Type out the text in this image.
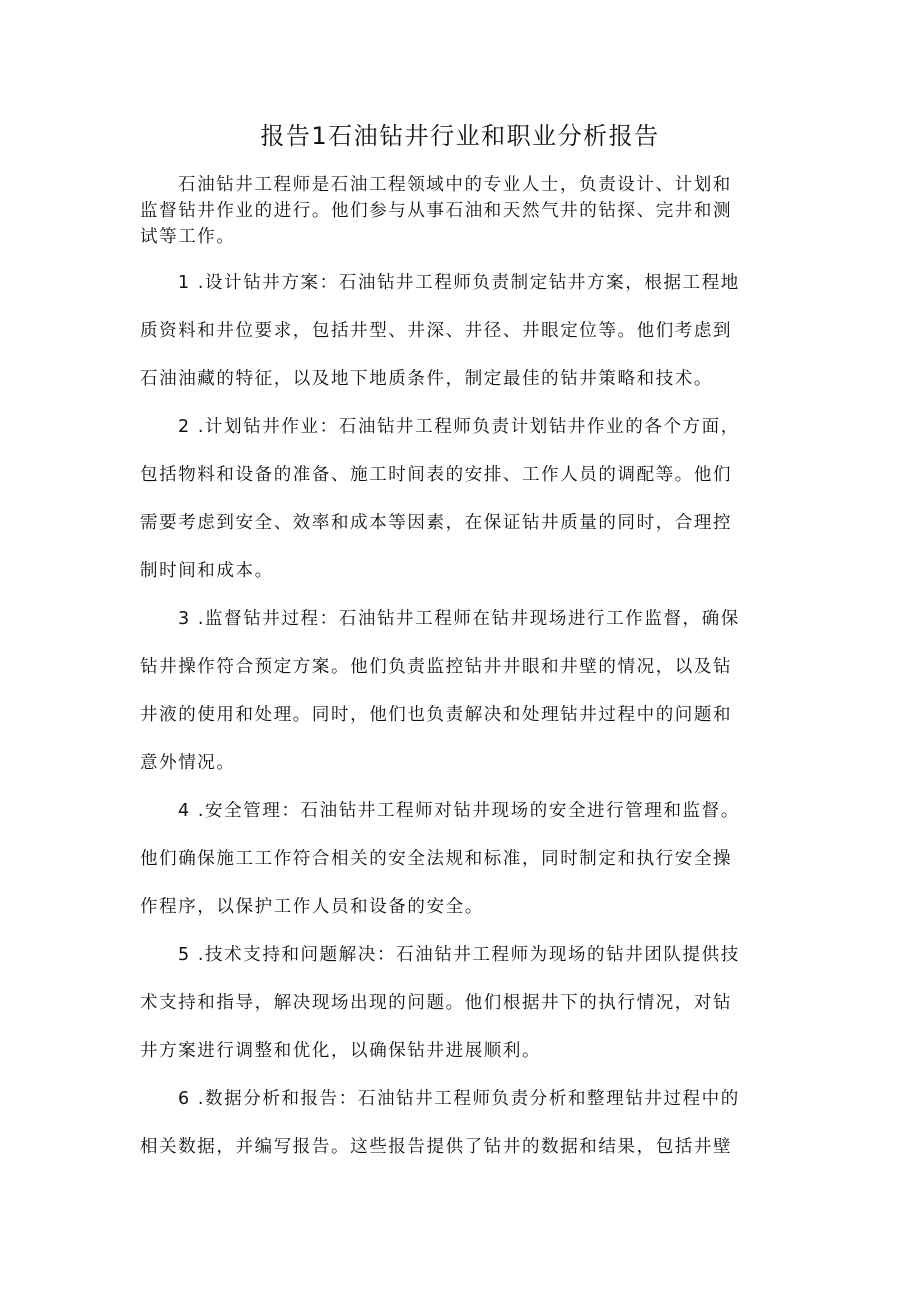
报告1石油钻井行业和职业分析报告
石油钻井工程师是石油工程领域中的专业人士，负责设计、计划和
监督钻井作业的进行。他们参与从事石油和天然气井的钻探、完井和测
试等工作。
1 .设计钻井方案：石油钻井工程师负责制定钻井方案，根据工程地
质资料和井位要求，包括井型、井深、井径、井眼定位等。他们考虑到
石油油藏的特征，以及地下地质条件，制定最佳的钻井策略和技术。
2 .计划钻井作业：石油钻井工程师负责计划钻井作业的各个方面，
包括物料和设备的准备、施工时间表的安排、工作人员的调配等。他们
需要考虑到安全、效率和成本等因素，在保证钻井质量的同时，合理控
制时间和成本。
3 .监督钻井过程：石油钻井工程师在钻井现场进行工作监督，确保
钻井操作符合预定方案。他们负责监控钻井井眼和井壁的情况，以及钻
井液的使用和处理。同时，他们也负责解决和处理钻井过程中的问题和
意外情况。
4 .安全管理：石油钻井工程师对钻井现场的安全进行管理和监督。
他们确保施工工作符合相关的安全法规和标准，同时制定和执行安全操
作程序，以保护工作人员和设备的安全。
5 .技术支持和问题解决：石油钻井工程师为现场的钻井团队提供技
术支持和指导，解决现场出现的问题。他们根据井下的执行情况，对钻
井方案进行调整和优化，以确保钻井进展顺利。
6 .数据分析和报告：石油钻井工程师负责分析和整理钻井过程中的
相关数据，并编写报告。这些报告提供了钻井的数据和结果，包括井壁
